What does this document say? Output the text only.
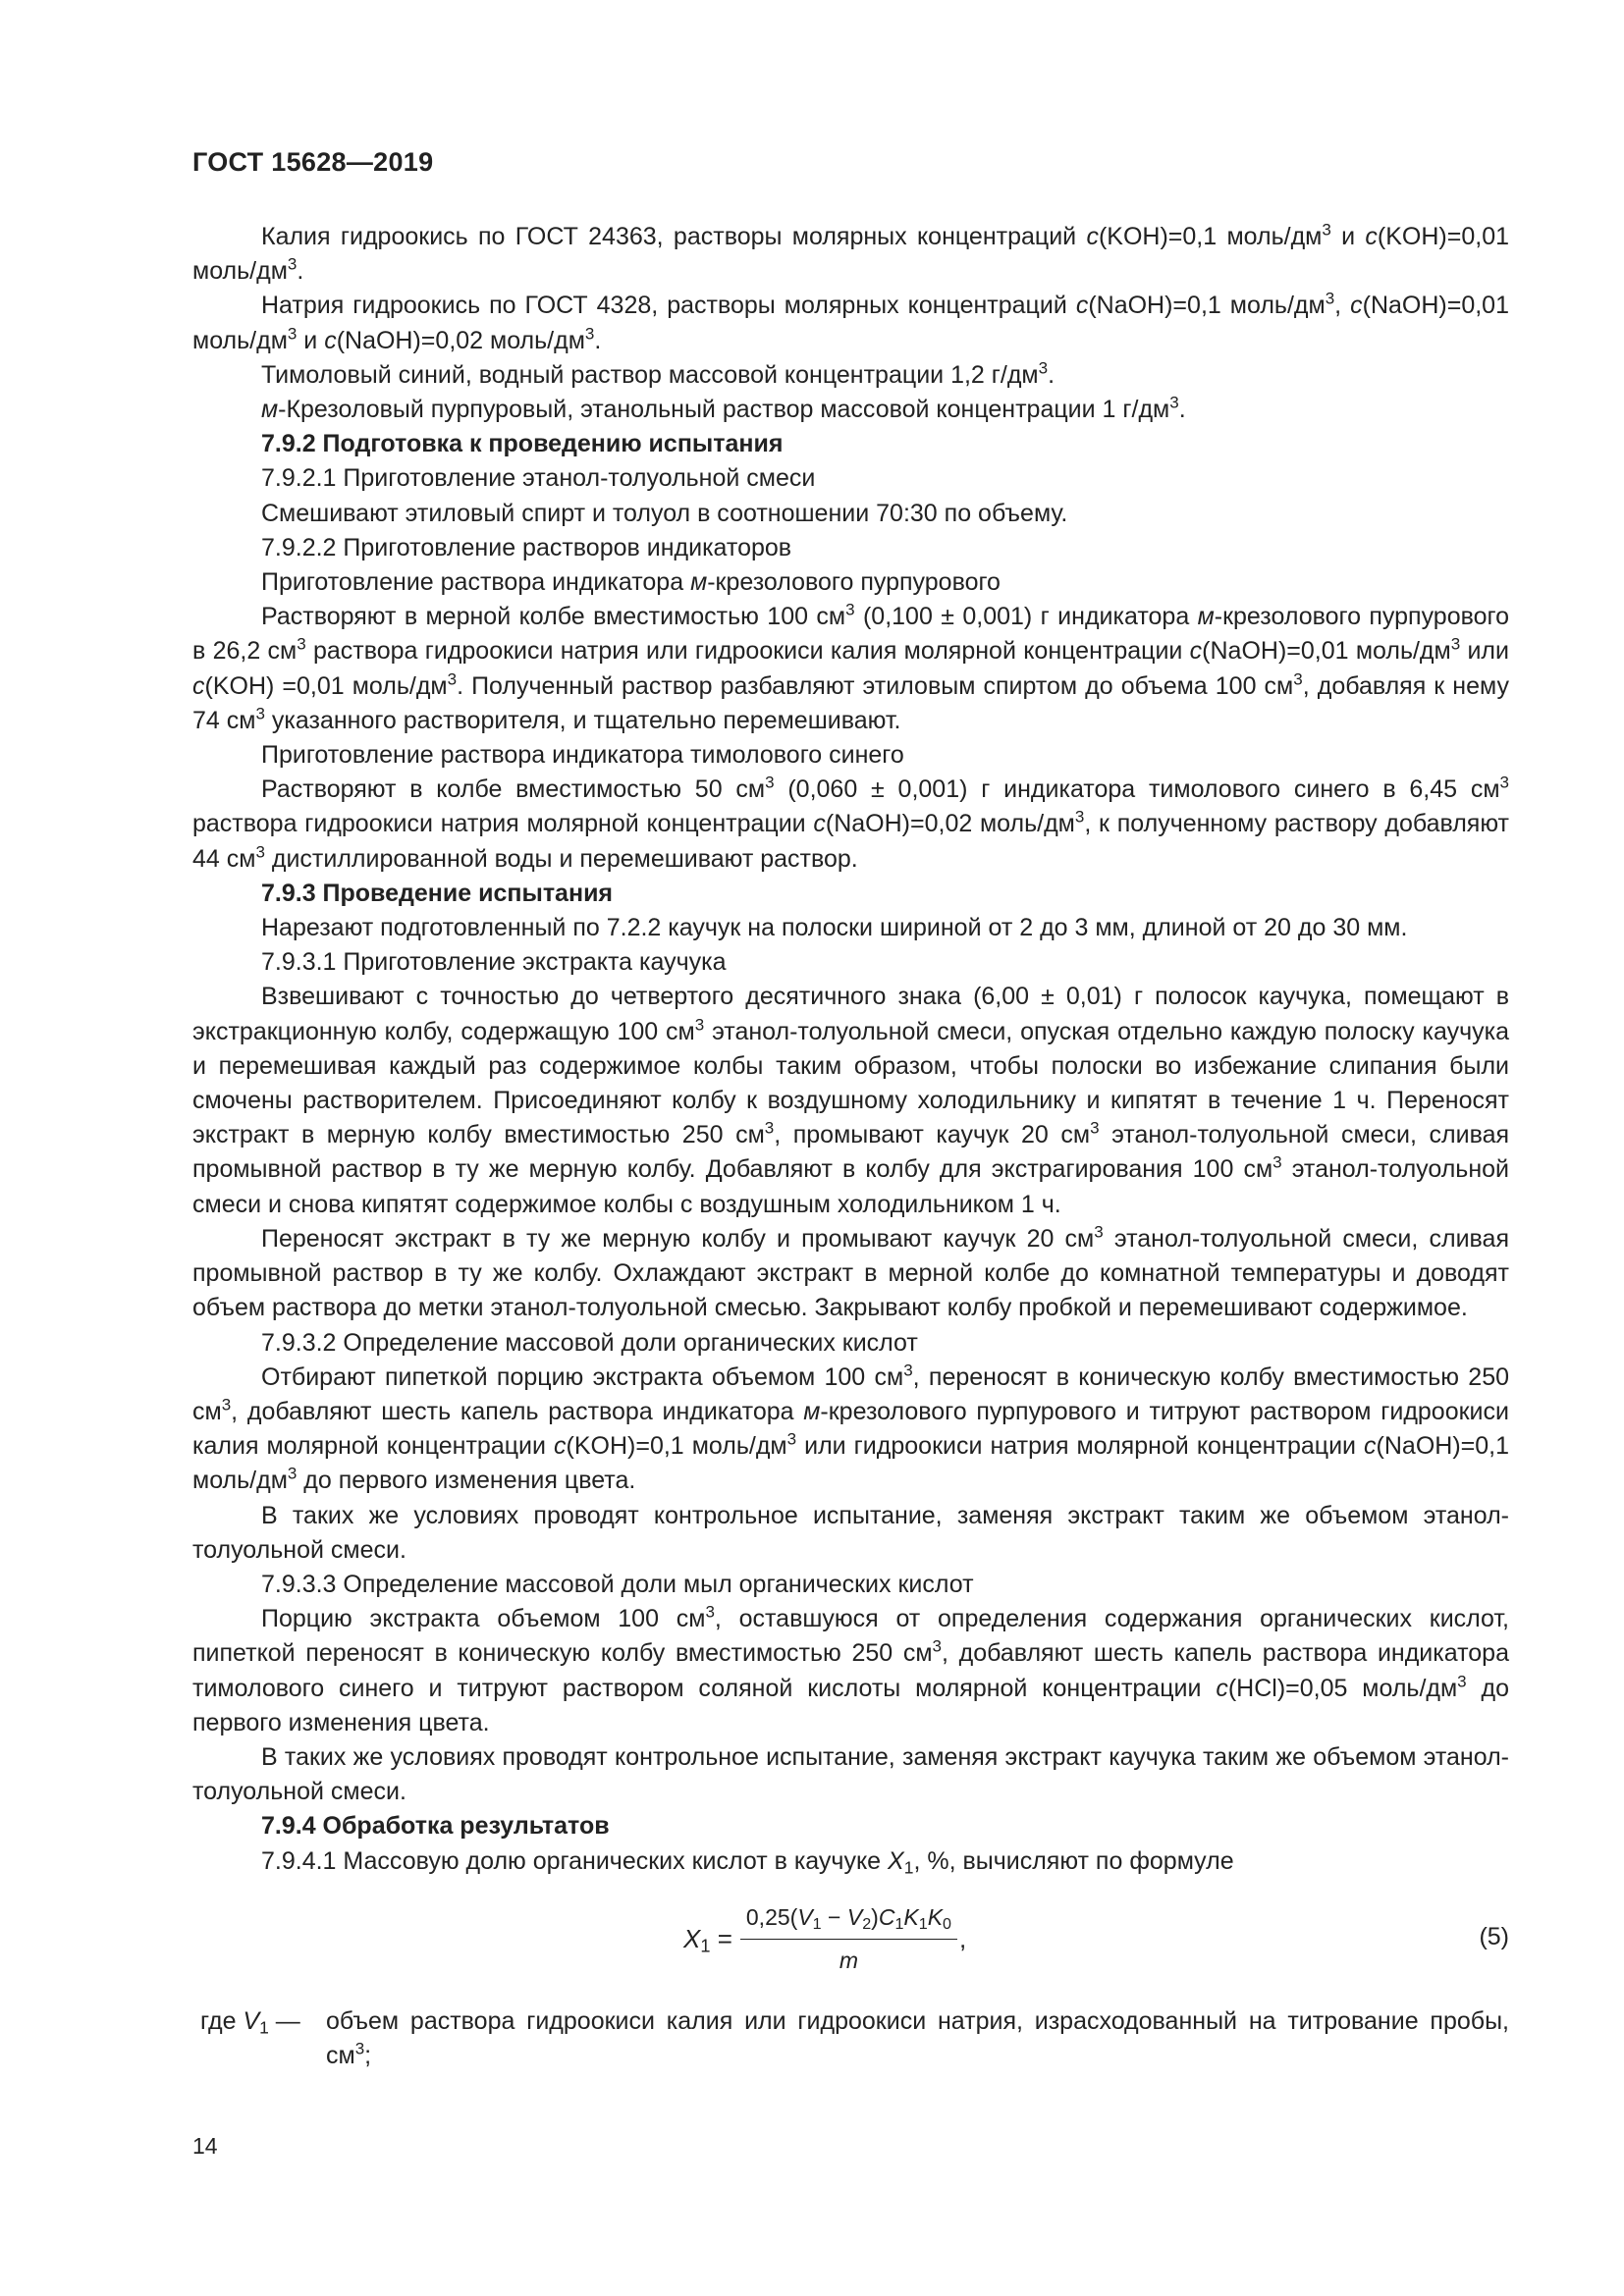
ГОСТ 15628—2019

Калия гидроокись по ГОСТ 24363, растворы молярных концентраций c(KOH)=0,1 моль/$дм^3$ и c(KOH)=0,01 моль/$дм^3$.

Натрия гидроокись по ГОСТ 4328, растворы молярных концентраций c(NaOH)=0,1 моль/$дм^3$, c(NaOH)=0,01 моль/$дм^3$ и c(NaOH)=0,02 моль/$дм^3$.

Тимоловый синий, водный раствор массовой концентрации 1,2 $г/дм^3$.

м-Крезоловый пурпуровый, этанольный раствор массовой концентрации 1 $г/дм^3$.

7.9.2 Подготовка к проведению испытания

7.9.2.1 Приготовление этанол-толуольной смеси

Смешивают этиловый спирт и толуол в соотношении 70:30 по объему.

7.9.2.2 Приготовление растворов индикаторов

Приготовление раствора индикатора м-крезолового пурпурового

Растворяют в мерной колбе вместимостью 100 $см^3$ (0,100 ± 0,001) г индикатора м-крезолового пурпурового в 26,2 $см^3$ раствора гидроокиси натрия или гидроокиси калия молярной концентрации c(NaOH)=0,01 моль/$дм^3$ или c(KOH) =0,01 моль/$дм^3$. Полученный раствор разбавляют этиловым спиртом до объема 100 $см^3$, добавляя к нему 74 $см^3$ указанного растворителя, и тщательно перемешивают.

Приготовление раствора индикатора тимолового синего

Растворяют в колбе вместимостью 50 $см^3$ (0,060 ± 0,001) г индикатора тимолового синего в 6,45 $см^3$ раствора гидроокиси натрия молярной концентрации c(NaOH)=0,02 моль/$дм^3$, к полученному раствору добавляют 44 $см^3$ дистиллированной воды и перемешивают раствор.

7.9.3 Проведение испытания

Нарезают подготовленный по 7.2.2 каучук на полоски шириной от 2 до 3 мм, длиной от 20 до 30 мм.

7.9.3.1 Приготовление экстракта каучука

Взвешивают с точностью до четвертого десятичного знака (6,00 ± 0,01) г полосок каучука, помещают в экстракционную колбу, содержащую 100 $см^3$ этанол-толуольной смеси, опуская отдельно каждую полоску каучука и перемешивая каждый раз содержимое колбы таким образом, чтобы полоски во избежание слипания были смочены растворителем. Присоединяют колбу к воздушному холодильнику и кипятят в течение 1 ч. Переносят экстракт в мерную колбу вместимостью 250 $см^3$, промывают каучук 20 $см^3$ этанол-толуольной смеси, сливая промывной раствор в ту же мерную колбу. Добавляют в колбу для экстрагирования 100 $см^3$ этанол-толуольной смеси и снова кипятят содержимое колбы с воздушным холодильником 1 ч.

Переносят экстракт в ту же мерную колбу и промывают каучук 20 $см^3$ этанол-толуольной смеси, сливая промывной раствор в ту же колбу. Охлаждают экстракт в мерной колбе до комнатной температуры и доводят объем раствора до метки этанол-толуольной смесью. Закрывают колбу пробкой и перемешивают содержимое.

7.9.3.2 Определение массовой доли органических кислот

Отбирают пипеткой порцию экстракта объемом 100 $см^3$, переносят в коническую колбу вместимостью 250 $см^3$, добавляют шесть капель раствора индикатора м-крезолового пурпурового и титруют раствором гидроокиси калия молярной концентрации c(KOH)=0,1 моль/$дм^3$ или гидроокиси натрия молярной концентрации c(NaOH)=0,1 моль/$дм^3$ до первого изменения цвета.

В таких же условиях проводят контрольное испытание, заменяя экстракт таким же объемом этанол-толуольной смеси.

7.9.3.3 Определение массовой доли мыл органических кислот

Порцию экстракта объемом 100 $см^3$, оставшуюся от определения содержания органических кислот, пипеткой переносят в коническую колбу вместимостью 250 $см^3$, добавляют шесть капель раствора индикатора тимолового синего и титруют раствором соляной кислоты молярной концентрации c(HCl)=0,05 моль/$дм^3$ до первого изменения цвета.

В таких же условиях проводят контрольное испытание, заменяя экстракт каучука таким же объемом этанол-толуольной смеси.

7.9.4 Обработка результатов

7.9.4.1 Массовую долю органических кислот в каучуке $X_1$, %, вычисляют по формуле

$X_1 = \frac{0,25(V_1 - V_2)C_1K_1K_0}{m}$ ,	(5)
где $V_1$ —	объем раствора гидроокиси калия или гидроокиси натрия, израсходованный на титрование пробы, $см^3$;
14
